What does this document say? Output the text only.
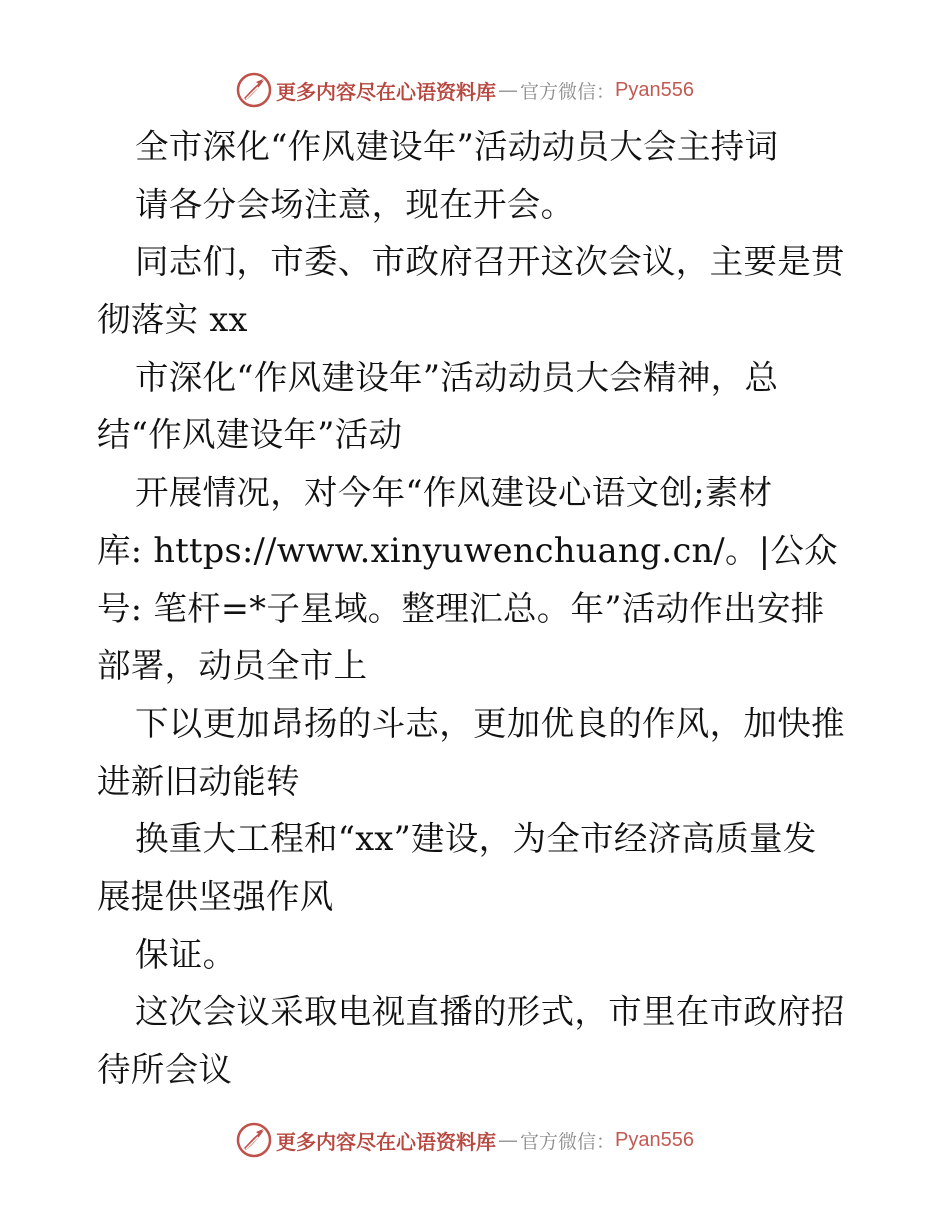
更多内容尽在心语资料库 — 官方微信： Pyan556
全市深化“作风建设年”活动动员大会主持词
请各分会场注意，现在开会。
同志们，市委、市政府召开这次会议，主要是贯
彻落实 xx
市深化“作风建设年”活动动员大会精神，总
结“作风建设年”活动
开展情况，对今年“作风建设心语文创;素材
库: https://www.xinyuwenchuang.cn/。|公众
号: 笔杆=*子星域。整理汇总。年”活动作出安排
部署，动员全市上
下以更加昂扬的斗志，更加优良的作风，加快推
进新旧动能转
换重大工程和“xx”建设，为全市经济高质量发
展提供坚强作风
保证。
这次会议采取电视直播的形式，市里在市政府招
待所会议
更多内容尽在心语资料库 — 官方微信： Pyan556
